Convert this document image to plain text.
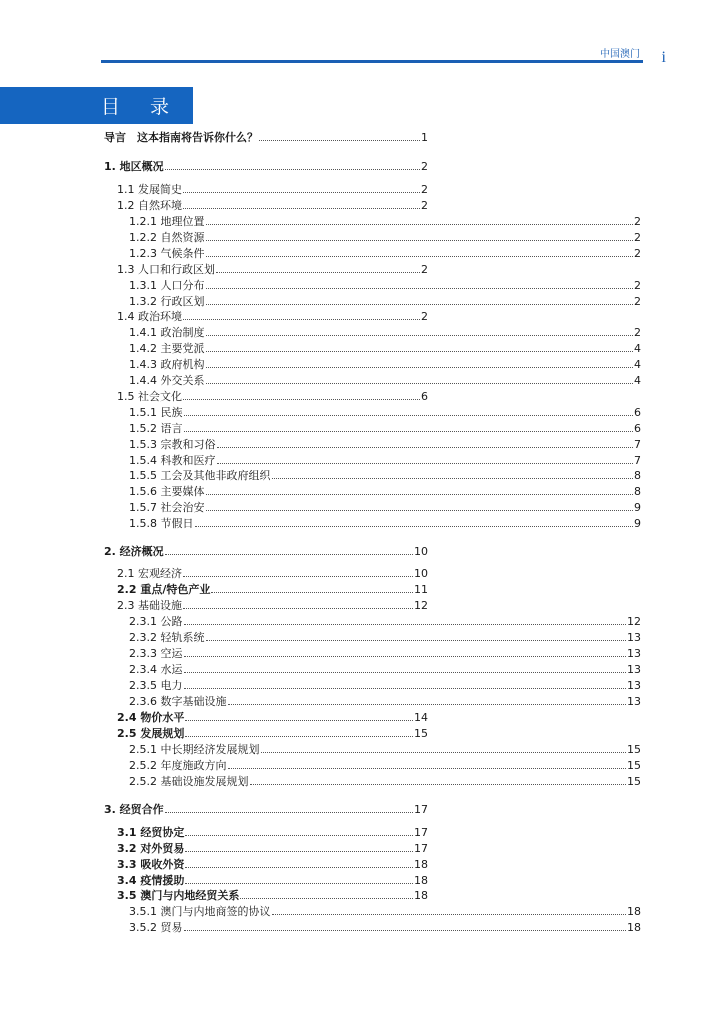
中国澳门 i
目 录
导言　这本指南将告诉你什么？	1
1. 地区概况	2
1.1 发展简史	2
1.2 自然环境	2
1.2.1 地理位置	2
1.2.2 自然资源	2
1.2.3 气候条件	2
1.3 人口和行政区划	2
1.3.1 人口分布	2
1.3.2 行政区划	2
1.4 政治环境	2
1.4.1 政治制度	2
1.4.2 主要党派	4
1.4.3 政府机构	4
1.4.4 外交关系	4
1.5 社会文化	6
1.5.1 民族	6
1.5.2 语言	6
1.5.3 宗教和习俗	7
1.5.4 科教和医疗	7
1.5.5 工会及其他非政府组织	8
1.5.6 主要媒体	8
1.5.7 社会治安	9
1.5.8 节假日	9
2. 经济概况	10
2.1 宏观经济	10
2.2 重点/特色产业	11
2.3 基础设施	12
2.3.1 公路	12
2.3.2 轻轨系统	13
2.3.3 空运	13
2.3.4 水运	13
2.3.5 电力	13
2.3.6 数字基础设施	13
2.4 物价水平	14
2.5 发展规划	15
2.5.1 中长期经济发展规划	15
2.5.2 年度施政方向	15
2.5.2 基础设施发展规划	15
3. 经贸合作	17
3.1 经贸协定	17
3.2 对外贸易	17
3.3 吸收外资	18
3.4 疫情援助	18
3.5 澳门与内地经贸关系	18
3.5.1 澳门与内地商签的协议	18
3.5.2 贸易	18
